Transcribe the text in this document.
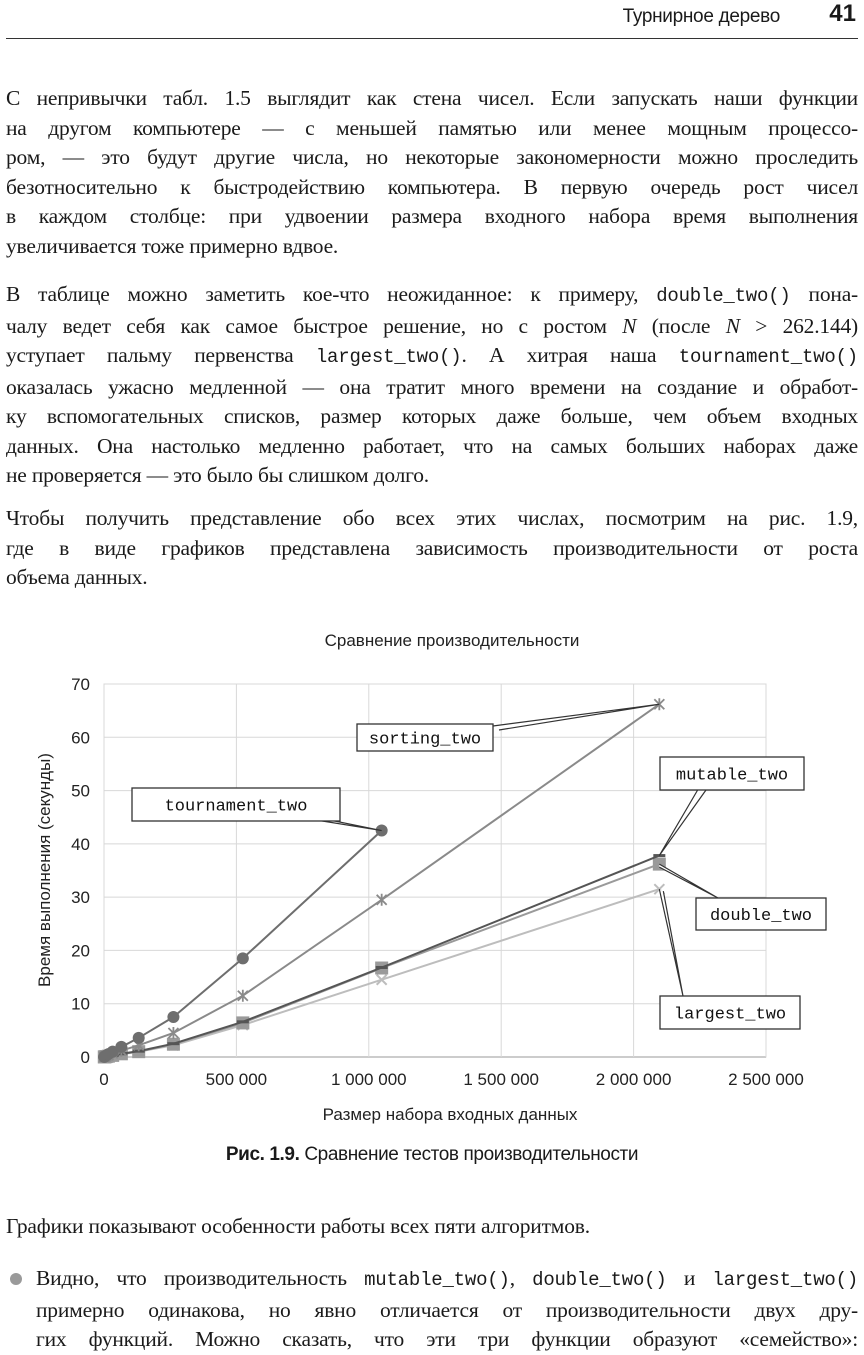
Турнирное дерево 41
С непривычки табл. 1.5 выглядит как стена чисел. Если запускать наши функции
на другом компьютере — с меньшей памятью или менее мощным процессо-
ром, — это будут другие числа, но некоторые закономерности можно проследить
безотносительно к быстродействию компьютера. В первую очередь рост чисел
в каждом столбце: при удвоении размера входного набора время выполнения
увеличивается тоже примерно вдвое.
В таблице можно заметить кое-что неожиданное: к примеру, double_two() пона-
чалу ведет себя как самое быстрое решение, но с ростом N (после N > 262.144)
уступает пальму первенства largest_two(). А хитрая наша tournament_two()
оказалась ужасно медленной — она тратит много времени на создание и обработ-
ку вспомогательных списков, размер которых даже больше, чем объем входных
данных. Она настолько медленно работает, что на самых больших наборах даже
не проверяется — это было бы слишком долго.
Чтобы получить представление обо всех этих числах, посмотрим на рис. 1.9,
где в виде графиков представлена зависимость производительности от роста
объема данных.
Сравнение производительности
Время выполнения (секунды)
Размер набора входных данных
0
10
20
30
40
50
60
70
0	500 000	1 000 000	1 500 000	2 000 000	2 500 000
sorting_two
tournament_two
mutable_two
double_two
largest_two
Рис. 1.9. Сравнение тестов производительности
Графики показывают особенности работы всех пяти алгоритмов.
Видно, что производительность mutable_two(), double_two() и largest_two()
примерно одинакова, но явно отличается от производительности двух дру-
гих функций. Можно сказать, что эти три функции образуют «семейство»:
